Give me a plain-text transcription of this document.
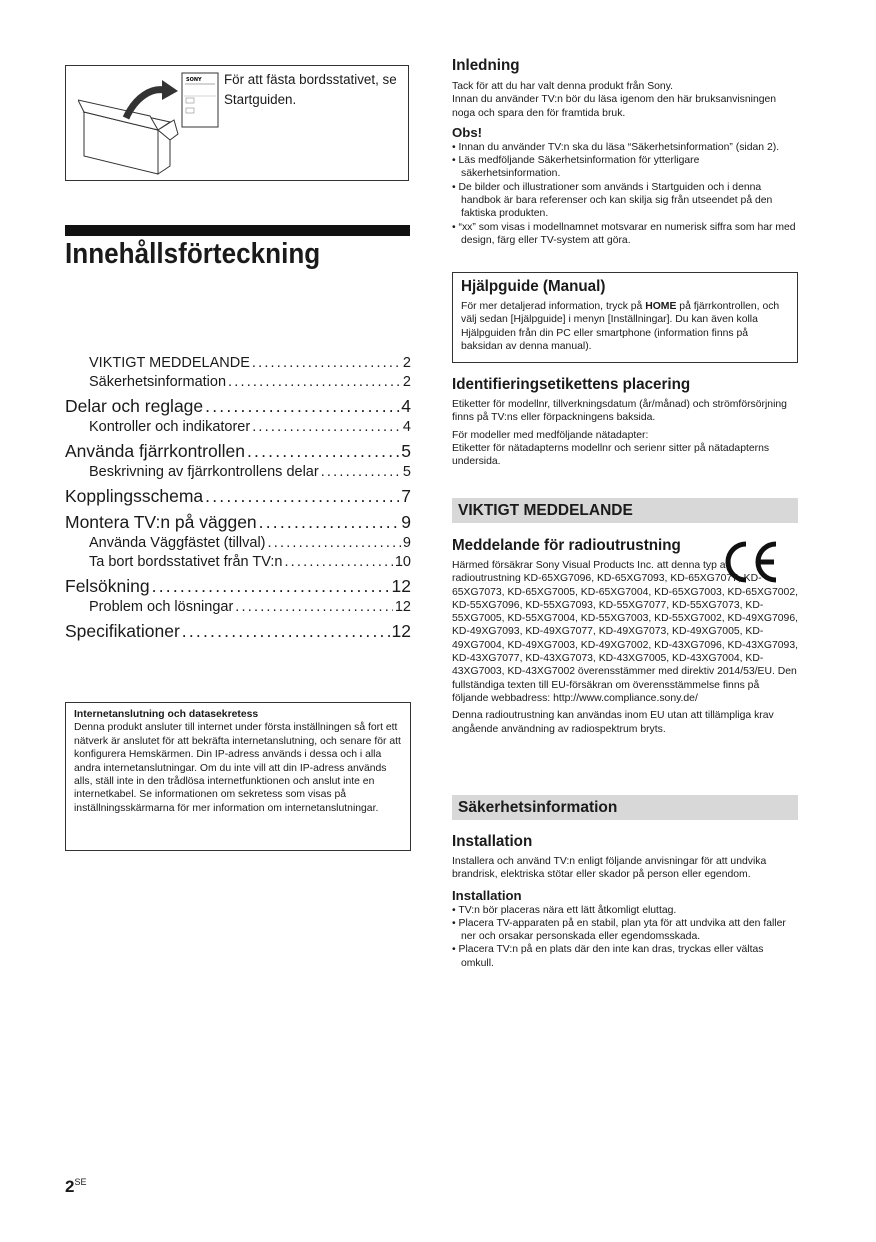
SONY För att fästa bordsstativet, se Startguiden.
Innehållsförteckning
VIKTIGT MEDDELANDE .....	2
Säkerhetsinformation .....	2
Delar och reglage .....	4
Kontroller och indikatorer .....	4
Använda fjärrkontrollen .....	5
Beskrivning av fjärrkontrollens delar .....	5
Kopplingsschema .....	7
Montera TV:n på väggen .....	9
Använda Väggfästet (tillval) .....	9
Ta bort bordsstativet från TV:n .....	10
Felsökning .....	12
Problem och lösningar .....	12
Specifikationer .....	12
Internetanslutning och datasekretess
Denna produkt ansluter till internet under första inställningen så fort ett nätverk är anslutet för att bekräfta internetanslutning, och senare för att konfigurera Hemskärmen. Din IP-adress används i dessa och i alla andra internetanslutningar. Om du inte vill att din IP-adress används alls, ställ inte in den trådlösa internetfunktionen och anslut inte en internetkabel. Se informationen om sekretess som visas på inställningsskärmarna för mer information om internetanslutningar.
$2^{SE}$
Inledning

Tack för att du har valt denna produkt från Sony.

Innan du använder TV:n bör du läsa igenom den här bruksanvisningen noga och spara den för framtida bruk.

Obs!
• Innan du använder TV:n ska du läsa “Säkerhetsinformation” (sidan 2).
• Läs medföljande Säkerhetsinformation för ytterligare säkerhetsinformation.
• De bilder och illustrationer som används i Startguiden och i denna handbok är bara referenser och kan skilja sig från utseendet på den faktiska produkten.
• “xx” som visas i modellnamnet motsvarar en numerisk siffra som har med design, färg eller TV-system att göra.
Hjälpguide (Manual)

För mer detaljerad information, tryck på HOME på fjärrkontrollen, och välj sedan [Hjälpguide] i menyn [Inställningar]. Du kan även kolla Hjälpguiden från din PC eller smartphone (information finns på baksidan av denna manual).

Identifieringsetikettens placering

Etiketter för modellnr, tillverkningsdatum (år/månad) och strömförsörjning finns på TV:ns eller förpackningens baksida.

För modeller med medföljande nätadapter:

Etiketter för nätadapterns modellnr och serienr sitter på nätadapterns undersida.

VIKTIGT MEDDELANDE
Meddelande för radioutrustning

Härmed försäkrar Sony Visual Products Inc. att denna typ av radioutrustning KD-65XG7096, KD-65XG7093, KD-65XG7077, KD-65XG7073, KD-65XG7005, KD-65XG7004, KD-65XG7003, KD-65XG7002, KD-55XG7096, KD-55XG7093, KD-55XG7077, KD-55XG7073, KD-55XG7005, KD-55XG7004, KD-55XG7003, KD-55XG7002, KD-49XG7096, KD-49XG7093, KD-49XG7077, KD-49XG7073, KD-49XG7005, KD-49XG7004, KD-49XG7003, KD-49XG7002, KD-43XG7096, KD-43XG7093, KD-43XG7077, KD-43XG7073, KD-43XG7005, KD-43XG7004, KD-43XG7003, KD-43XG7002 överensstämmer med direktiv 2014/53/EU. Den fullständiga texten till EU-försäkran om överensstämmelse finns på följande webbadress: http://www.compliance.sony.de/

Denna radioutrustning kan användas inom EU utan att tillämpliga krav angående användning av radiospektrum bryts.

Säkerhetsinformation
Installation

Installera och använd TV:n enligt följande anvisningar för att undvika brandrisk, elektriska stötar eller skador på person eller egendom.

Installation
• TV:n bör placeras nära ett lätt åtkomligt eluttag.
• Placera TV-apparaten på en stabil, plan yta för att undvika att den faller ner och orsakar personskada eller egendomsskada.
• Placera TV:n på en plats där den inte kan dras, tryckas eller vältas omkull.
